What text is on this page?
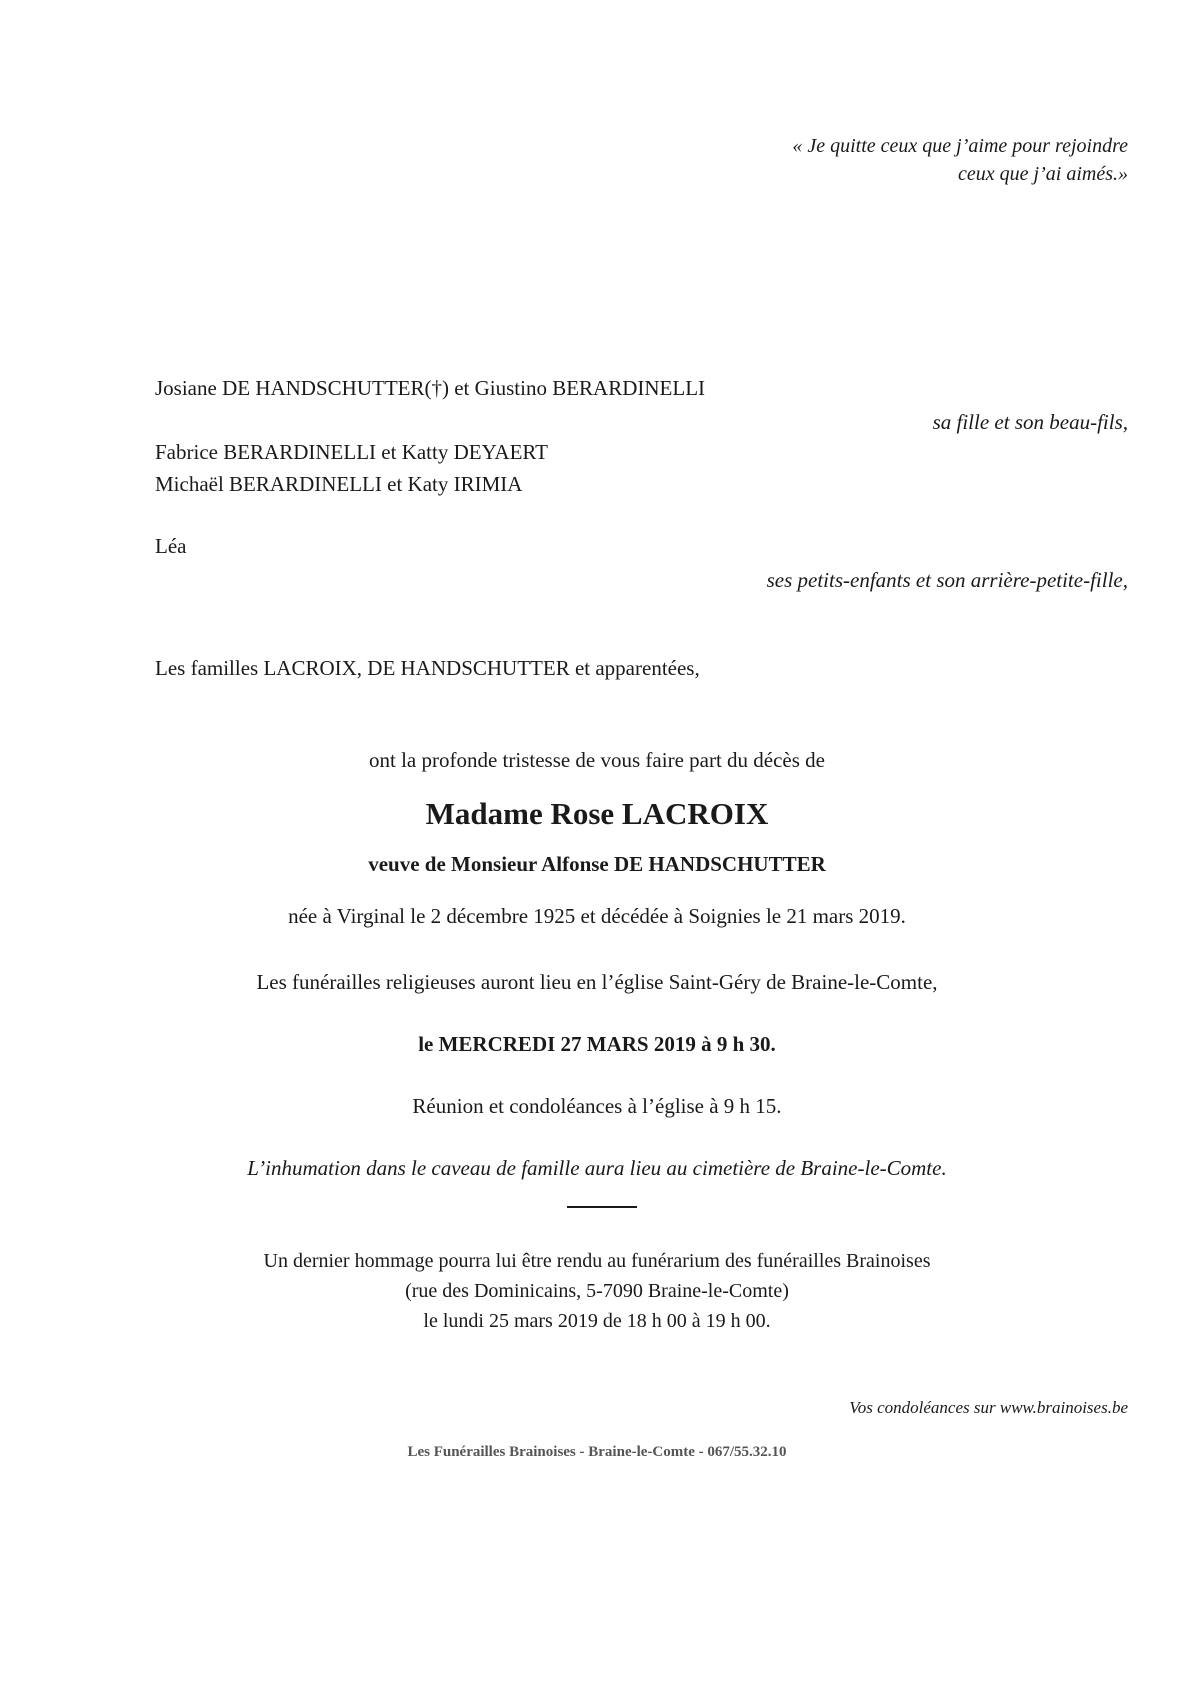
« Je quitte ceux que j’aime pour rejoindre
ceux que j’ai aimés.»
Josiane DE HANDSCHUTTER(†) et Giustino BERARDINELLI
sa fille et son beau-fils,
Fabrice BERARDINELLI et Katty DEYAERT
Michaël BERARDINELLI et Katy IRIMIA
Léa
ses petits-enfants et son arrière-petite-fille,
Les familles LACROIX, DE HANDSCHUTTER et apparentées,
ont la profonde tristesse de vous faire part du décès de
Madame Rose LACROIX
veuve de Monsieur Alfonse DE HANDSCHUTTER
née à Virginal le 2 décembre 1925 et décédée à Soignies le 21 mars 2019.
Les funérailles religieuses auront lieu en l’église Saint-Géry de Braine-le-Comte,
le MERCREDI 27 MARS 2019 à 9 h 30.
Réunion et condoléances à l’église à 9 h 15.
L’inhumation dans le caveau de famille aura lieu au cimetière de Braine-le-Comte.
Un dernier hommage pourra lui être rendu au funérarium des funérailles Brainoises
(rue des Dominicains, 5-7090 Braine-le-Comte)
le lundi 25 mars 2019 de 18 h 00 à 19 h 00.
Vos condoléances sur www.brainoises.be
Les Funérailles Brainoises - Braine-le-Comte - 067/55.32.10
